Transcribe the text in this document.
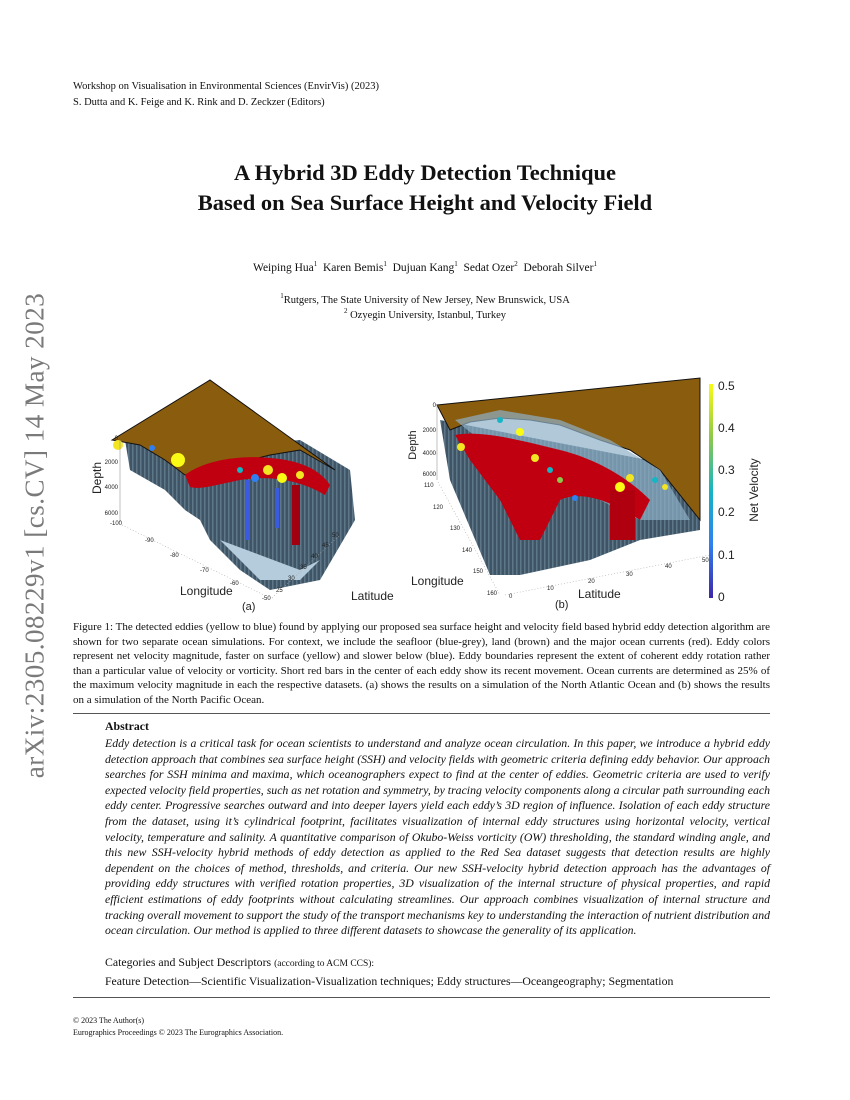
Workshop on Visualisation in Environmental Sciences (EnvirVis) (2023)
S. Dutta and K. Feige and K. Rink and D. Zeckzer (Editors)
A Hybrid 3D Eddy Detection Technique
Based on Sea Surface Height and Velocity Field
Weiping Hua$^1$ Karen Bemis$^1$ Dujuan Kang$^1$ Sedat Ozer$^2$ Deborah Silver$^1$
$^1$Rutgers, The State University of New Jersey, New Brunswick, USA
$^2$ Ozyegin University, Istanbul, Turkey
arXiv:2305.08229v1 [cs.CV] 14 May 2023	Depth
0
2000
4000
6000
-100
-90
-80
-70
-60
-50
25
30
35
40
45
50
Longitude
(a)
Latitude
Depth
0
2000
4000
6000
110
120
130
140
150
160 0
10
20
30
40
50
Longitude
(b)
Latitude
0.5
0.4
0.3
0.2
0.1
0
Net Velocity
Figure 1: The detected eddies (yellow to blue) found by applying our proposed sea surface height and velocity field based hybrid eddy detection algorithm are shown for two separate ocean simulations. For context, we include the seafloor (blue-grey), land (brown) and the major ocean currents (red). Eddy colors represent net velocity magnitude, faster on surface (yellow) and slower below (blue). Eddy boundaries represent the extent of coherent eddy rotation rather than a particular value of velocity or vorticity. Short red bars in the center of each eddy show its recent movement. Ocean currents are determined as 25% of the maximum velocity magnitude in each the respective datasets. (a) shows the results on a simulation of the North Atlantic Ocean and (b) shows the results on a simulation of the North Pacific Ocean.
Abstract

Eddy detection is a critical task for ocean scientists to understand and analyze ocean circulation. In this paper, we introduce a hybrid eddy detection approach that combines sea surface height (SSH) and velocity fields with geometric criteria defining eddy behavior. Our approach searches for SSH minima and maxima, which oceanographers expect to find at the center of eddies. Geometric criteria are used to verify expected velocity field properties, such as net rotation and symmetry, by tracing velocity components along a circular path surrounding each eddy center. Progressive searches outward and into deeper layers yield each eddy’s 3D region of influence. Isolation of each eddy structure from the dataset, using it’s cylindrical footprint, facilitates visualization of internal eddy structures using horizontal velocity, vertical velocity, temperature and salinity. A quantitative comparison of Okubo-Weiss vorticity (OW) thresholding, the standard winding angle, and this new SSH-velocity hybrid methods of eddy detection as applied to the Red Sea dataset suggests that detection results are highly dependent on the choices of method, thresholds, and criteria. Our new SSH-velocity hybrid detection approach has the advantages of providing eddy structures with verified rotation properties, 3D visualization of the internal structure of physical properties, and rapid efficient estimations of eddy footprints without calculating streamlines. Our approach combines visualization of internal structure and tracking overall movement to support the study of the transport mechanisms key to understanding the interaction of nutrient distribution and ocean circulation. Our method is applied to three different datasets to showcase the generality of its application.

Categories and Subject Descriptors (according to ACM CCS):
Feature Detection—Scientific Visualization-Visualization techniques; Eddy structures—Oceangeography; Segmentation
© 2023 The Author(s)
Eurographics Proceedings © 2023 The Eurographics Association.
